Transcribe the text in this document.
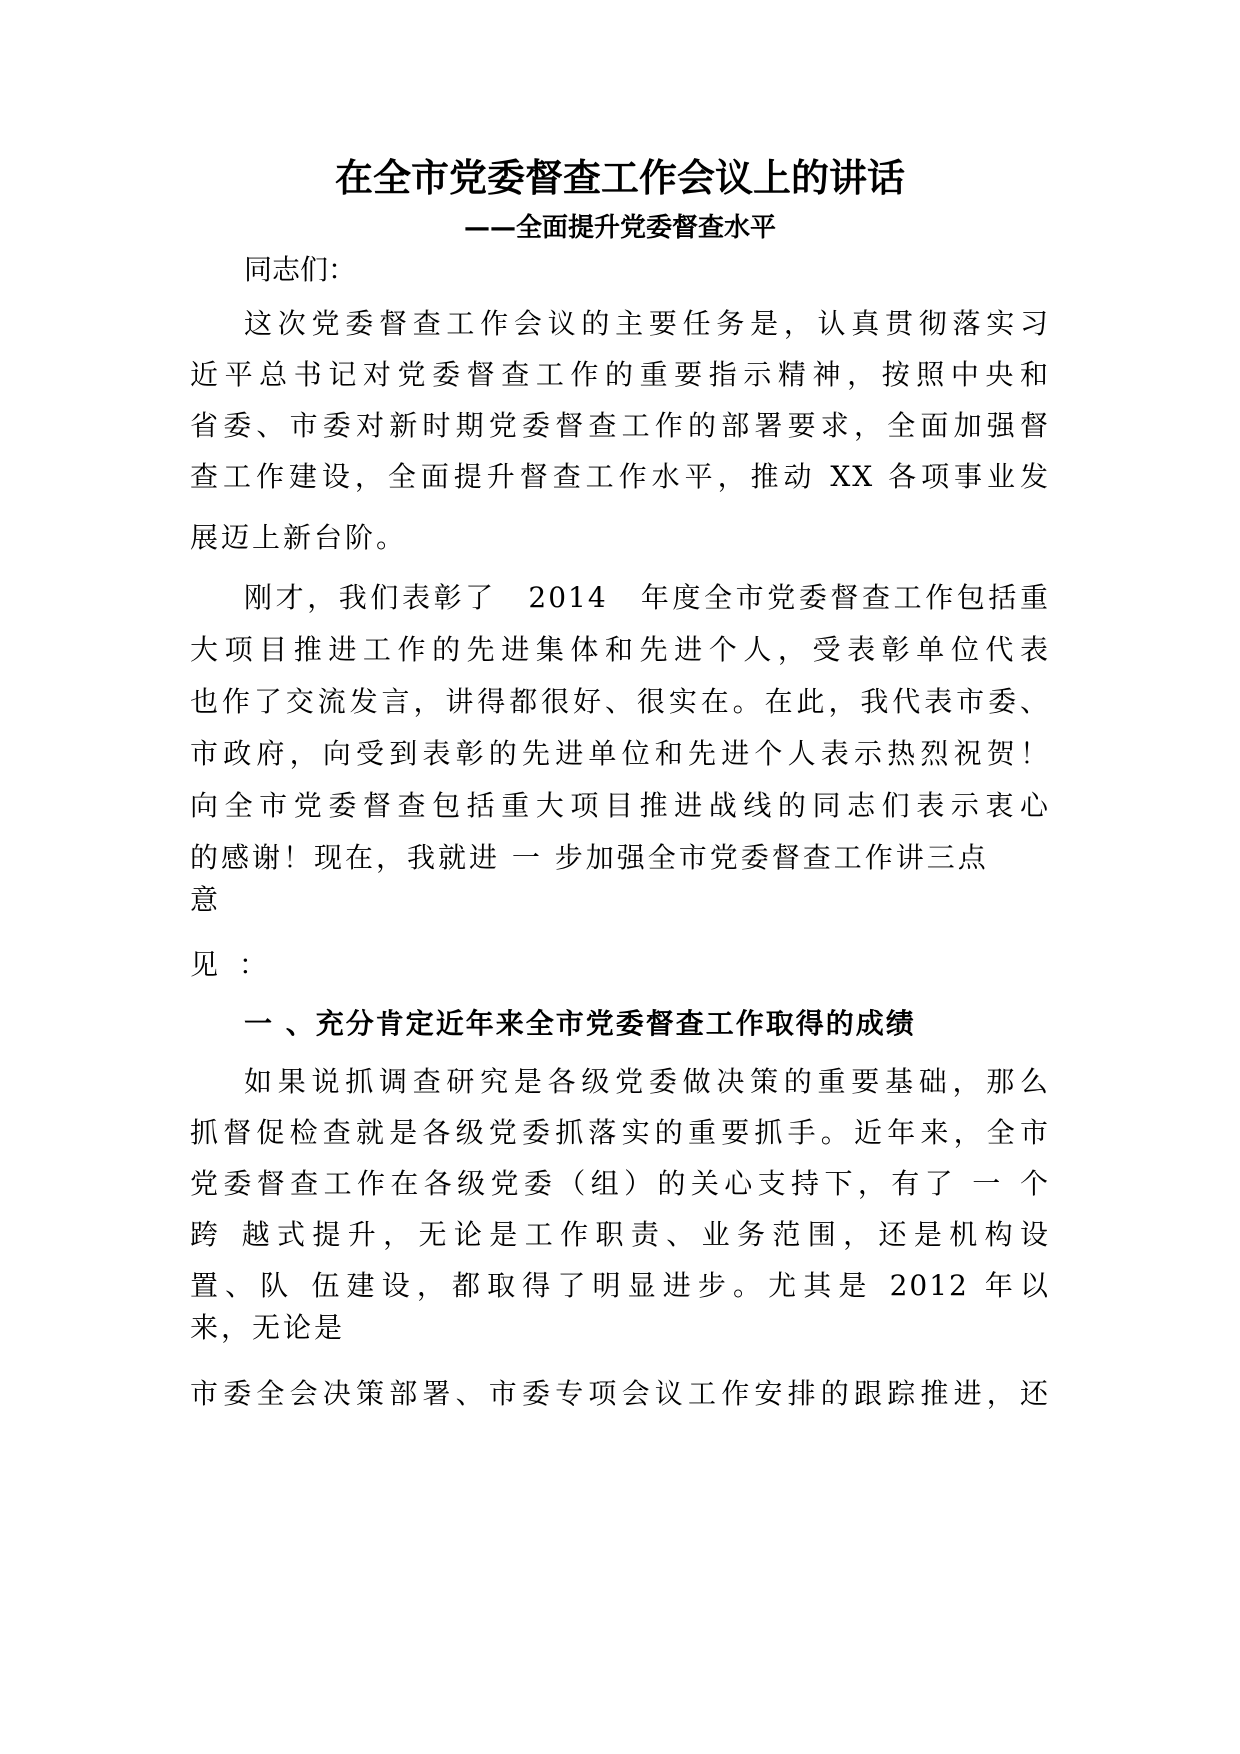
在全市党委督查工作会议上的讲话
——全面提升党委督查水平
同志们：
这次党委督查工作会议的主要任务是，认真贯彻落实习
近平总书记对党委督查工作的重要指示精神，按照中央和
省委、市委对新时期党委督查工作的部署要求，全面加强督
查工作建设，全面提升督查工作水平，推动 XX 各项事业发
展迈上新台阶。
刚才，我们表彰了　2014　年度全市党委督查工作包括重
大项目推进工作的先进集体和先进个人，受表彰单位代表
也作了交流发言，讲得都很好、很实在。在此，我代表市委、
市政府，向受到表彰的先进单位和先进个人表示热烈祝贺！
向全市党委督查包括重大项目推进战线的同志们表示衷心
的感谢！现在，我就进 一 步加强全市党委督查工作讲三点
意
见 ：
一 、充分肯定近年来全市党委督查工作取得的成绩
如果说抓调查研究是各级党委做决策的重要基础，那么
抓督促检查就是各级党委抓落实的重要抓手。近年来，全市
党委督查工作在各级党委（组）的关心支持下，有了 一 个
跨 越式提升，无论是工作职责、业务范围，还是机构设
置、队 伍建设，都取得了明显进步。尤其是 2012 年以
来，无论是
市委全会决策部署、市委专项会议工作安排的跟踪推进，还
